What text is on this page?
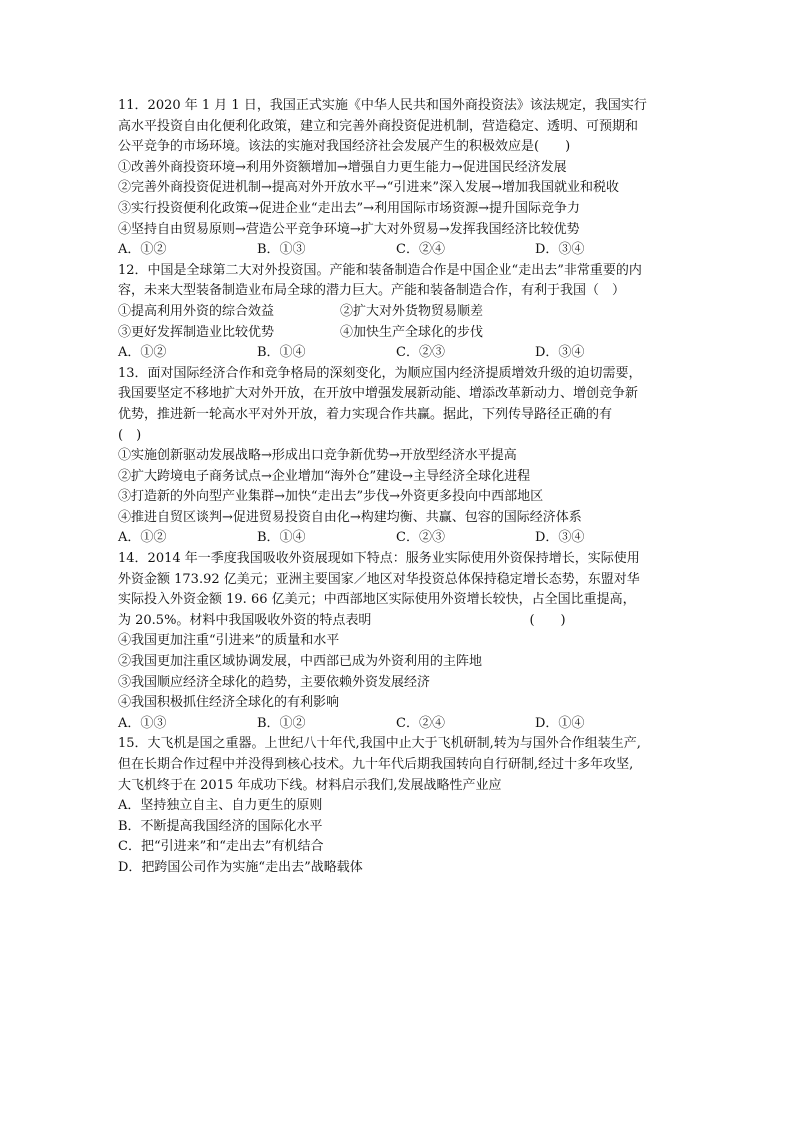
11．2020 年 1 月 1 日，我国正式实施《中华人民共和国外商投资法》该法规定，我国实行
高水平投资自由化便利化政策，建立和完善外商投资促进机制，营造稳定、透明、可预期和
公平竞争的市场环境。该法的实施对我国经济社会发展产生的积极效应是(　　)
①改善外商投资环境→利用外资额增加→增强自力更生能力→促进国民经济发展
②完善外商投资促进机制→提高对外开放水平→“引进来”深入发展→增加我国就业和税收
③实行投资便利化政策→促进企业“走出去”→利用国际市场资源→提升国际竞争力
④坚持自由贸易原则→营造公平竞争环境→扩大对外贸易→发挥我国经济比较优势
A．①②	B．①③	C．②④	D．③④
12．中国是全球第二大对外投资国。产能和装备制造合作是中国企业“走出去”非常重要的内
容，未来大型装备制造业布局全球的潜力巨大。产能和装备制造合作，有利于我国（　）
①提高利用外资的综合效益	②扩大对外货物贸易顺差
③更好发挥制造业比较优势	④加快生产全球化的步伐
A．①②	B．①④	C．②③	D．③④
13．面对国际经济合作和竞争格局的深刻变化，为顺应国内经济提质增效升级的迫切需要，
我国要坚定不移地扩大对外开放，在开放中增强发展新动能、增添改革新动力、增创竞争新
优势，推进新一轮高水平对外开放，着力实现合作共赢。据此，下列传导路径正确的有
(　)
①实施创新驱动发展战略→形成出口竞争新优势→开放型经济水平提高
②扩大跨境电子商务试点→企业增加“海外仓”建设→主导经济全球化进程
③打造新的外向型产业集群→加快“走出去”步伐→外资更多投向中西部地区
④推进自贸区谈判→促进贸易投资自由化→构建均衡、共赢、包容的国际经济体系
A．①②	B．①④	C．②③	D．③④
14．2014 年一季度我国吸收外资展现如下特点：服务业实际使用外资保持增长，实际使用
外资金额 173.92 亿美元；亚洲主要国家／地区对华投资总体保持稳定增长态势，东盟对华
实际投入外资金额 19. 66 亿美元；中西部地区实际使用外资增长较快，占全国比重提高，
为 20.5%。材料中我国吸收外资的特点表明	(　　)
④我国更加注重“引进来”的质量和水平
②我国更加注重区域协调发展，中西部已成为外资利用的主阵地
③我国顺应经济全球化的趋势，主要依赖外资发展经济
④我国积极抓住经济全球化的有利影响
A．①③	B．①②	C．②④	D．①④
15．大飞机是国之重器。上世纪八十年代,我国中止大于飞机研制,转为与国外合作组装生产,
但在长期合作过程中并没得到核心技术。九十年代后期我国转向自行研制,经过十多年攻坚,
大飞机终于在 2015 年成功下线。材料启示我们,发展战略性产业应
A．坚持独立自主、自力更生的原则
B．不断提高我国经济的国际化水平
C．把“引进来”和“走出去”有机结合
D．把跨国公司作为实施“走出去”战略载体
